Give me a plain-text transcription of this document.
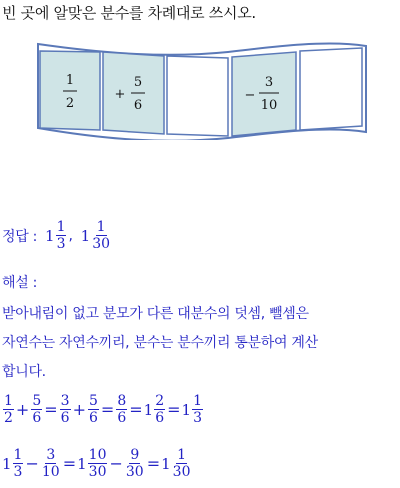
빈 곳에 알맞은 분수를 차례대로 쓰시오.
1
2
+
5
6
−
3
10
정답 : $1 \frac{1}{3}$ , $1 \frac{1}{30}$
해설 :
받아내림이 없고 분모가 다른 대분수의 덧셈, 뺄셈은
자연수는 자연수끼리, 분수는 분수끼리 통분하여 계산
합니다.
$\frac{1}{2} + \frac{5}{6} = \frac{3}{6} + \frac{5}{6} = \frac{8}{6} = 1 \frac{2}{6} = 1 \frac{1}{3}$
$1 \frac{1}{3} - \frac{3}{10} = 1 \frac{10}{30} - \frac{9}{30} = 1 \frac{1}{30}$
